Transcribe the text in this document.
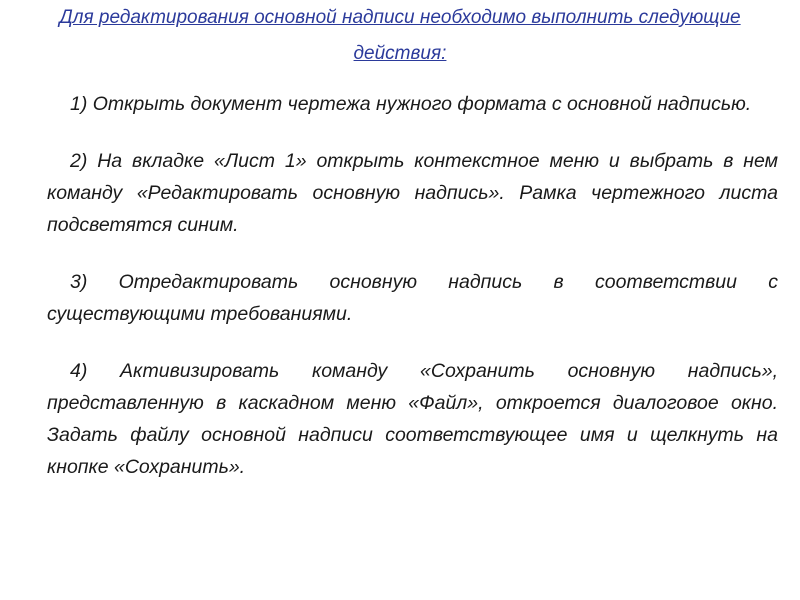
Для редактирования основной надписи необходимо выполнить следующие действия:

1) Открыть документ чертежа нужного формата с основной надписью.

2) На вкладке «Лист 1» открыть контекстное меню и выбрать в нем команду «Редактировать основную надпись». Рамка чертежного листа подсветятся синим.

3) Отредактировать основную надпись в соответствии с существующими требованиями.

4) Активизировать команду «Сохранить основную надпись», представленную в каскадном меню «Файл», откроется диалоговое окно. Задать файлу основной надписи соответствующее имя и щелкнуть на кнопке «Сохранить».
